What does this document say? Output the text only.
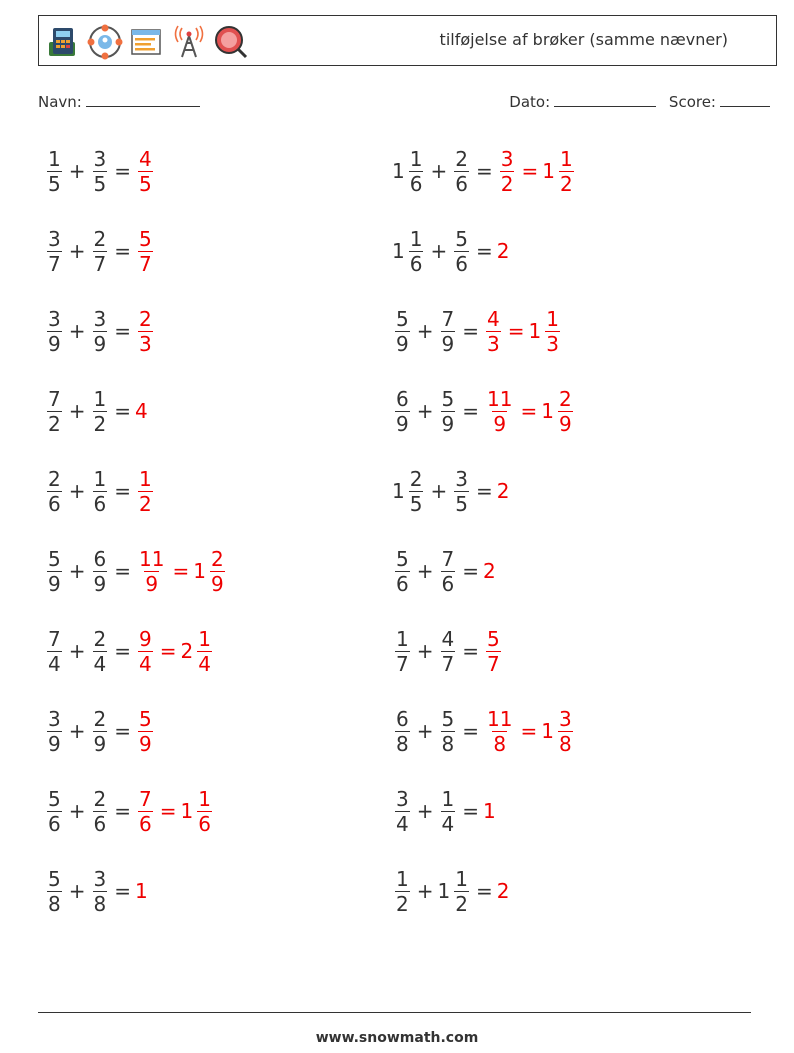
tilføjelse af brøker (samme nævner)
Navn:	Dato:	Score:
$\frac{1}{5} + \frac{3}{5} = \frac{4}{5}$	$1 \frac{1}{6} + \frac{2}{6} = \frac{3}{2} = 1 \frac{1}{2}$
$\frac{3}{7} + \frac{2}{7} = \frac{5}{7}$	$1 \frac{1}{6} + \frac{5}{6} = 2$
$\frac{3}{9} + \frac{3}{9} = \frac{2}{3}$	$\frac{5}{9} + \frac{7}{9} = \frac{4}{3} = 1 \frac{1}{3}$
$\frac{7}{2} + \frac{1}{2} = 4$	$\frac{6}{9} + \frac{5}{9} = \frac{11}{9} = 1 \frac{2}{9}$
$\frac{2}{6} + \frac{1}{6} = \frac{1}{2}$	$1 \frac{2}{5} + \frac{3}{5} = 2$
$\frac{5}{9} + \frac{6}{9} = \frac{11}{9} = 1 \frac{2}{9}$	$\frac{5}{6} + \frac{7}{6} = 2$
$\frac{7}{4} + \frac{2}{4} = \frac{9}{4} = 2 \frac{1}{4}$	$\frac{1}{7} + \frac{4}{7} = \frac{5}{7}$
$\frac{3}{9} + \frac{2}{9} = \frac{5}{9}$	$\frac{6}{8} + \frac{5}{8} = \frac{11}{8} = 1 \frac{3}{8}$
$\frac{5}{6} + \frac{2}{6} = \frac{7}{6} = 1 \frac{1}{6}$	$\frac{3}{4} + \frac{1}{4} = 1$
$\frac{5}{8} + \frac{3}{8} = 1$	$\frac{1}{2} + 1 \frac{1}{2} = 2$
www.snowmath.com
